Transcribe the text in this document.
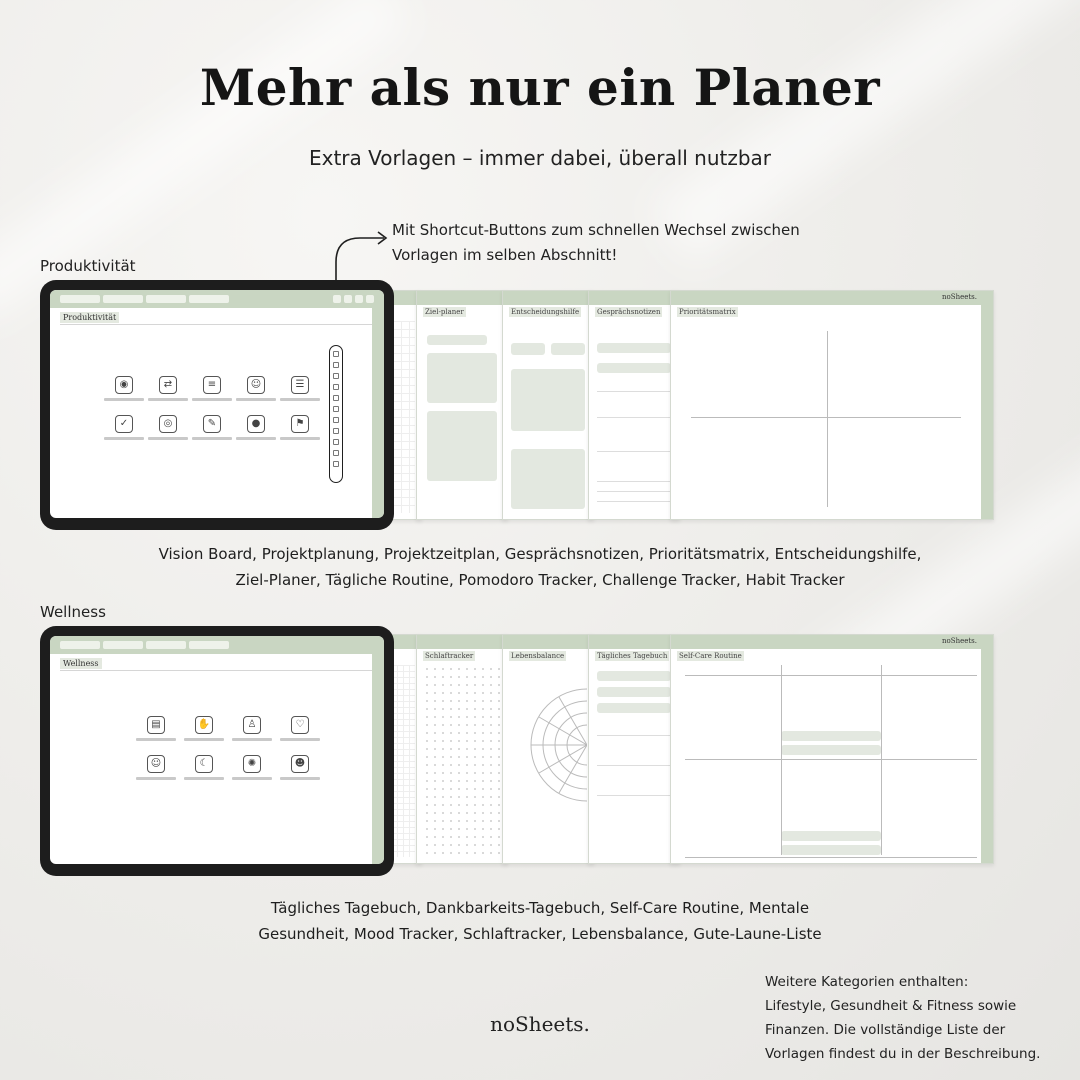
Mehr als nur ein Planer
Extra Vorlagen – immer dabei, überall nutzbar
Mit Shortcut-Buttons zum schnellen Wechsel zwischen
Vorlagen im selben Abschnitt!
Produktivität
Ziel-planer	Entscheidungshilfe	Gesprächsnotizen
noSheets.
Prioritätsmatrix
Produktivität
◉	⇄	≡	☺	☰
✓	◎	✎	●	⚑
Vision Board, Projektplanung, Projektzeitplan, Gesprächsnotizen, Prioritätsmatrix, Entscheidungshilfe,
Ziel-Planer, Tägliche Routine, Pomodoro Tracker, Challenge Tracker, Habit Tracker
Wellness
Schlaftracker	Lebensbalance	Tägliches Tagebuch
noSheets.
Self-Care Routine
Wellness
▤	✋	♙	♡
☺	☾	✺	☻
Tägliches Tagebuch, Dankbarkeits-Tagebuch, Self-Care Routine, Mentale
Gesundheit, Mood Tracker, Schlaftracker, Lebensbalance, Gute-Laune-Liste
noSheets.
Weitere Kategorien enthalten:
Lifestyle, Gesundheit & Fitness sowie
Finanzen. Die vollständige Liste der
Vorlagen findest du in der Beschreibung.
